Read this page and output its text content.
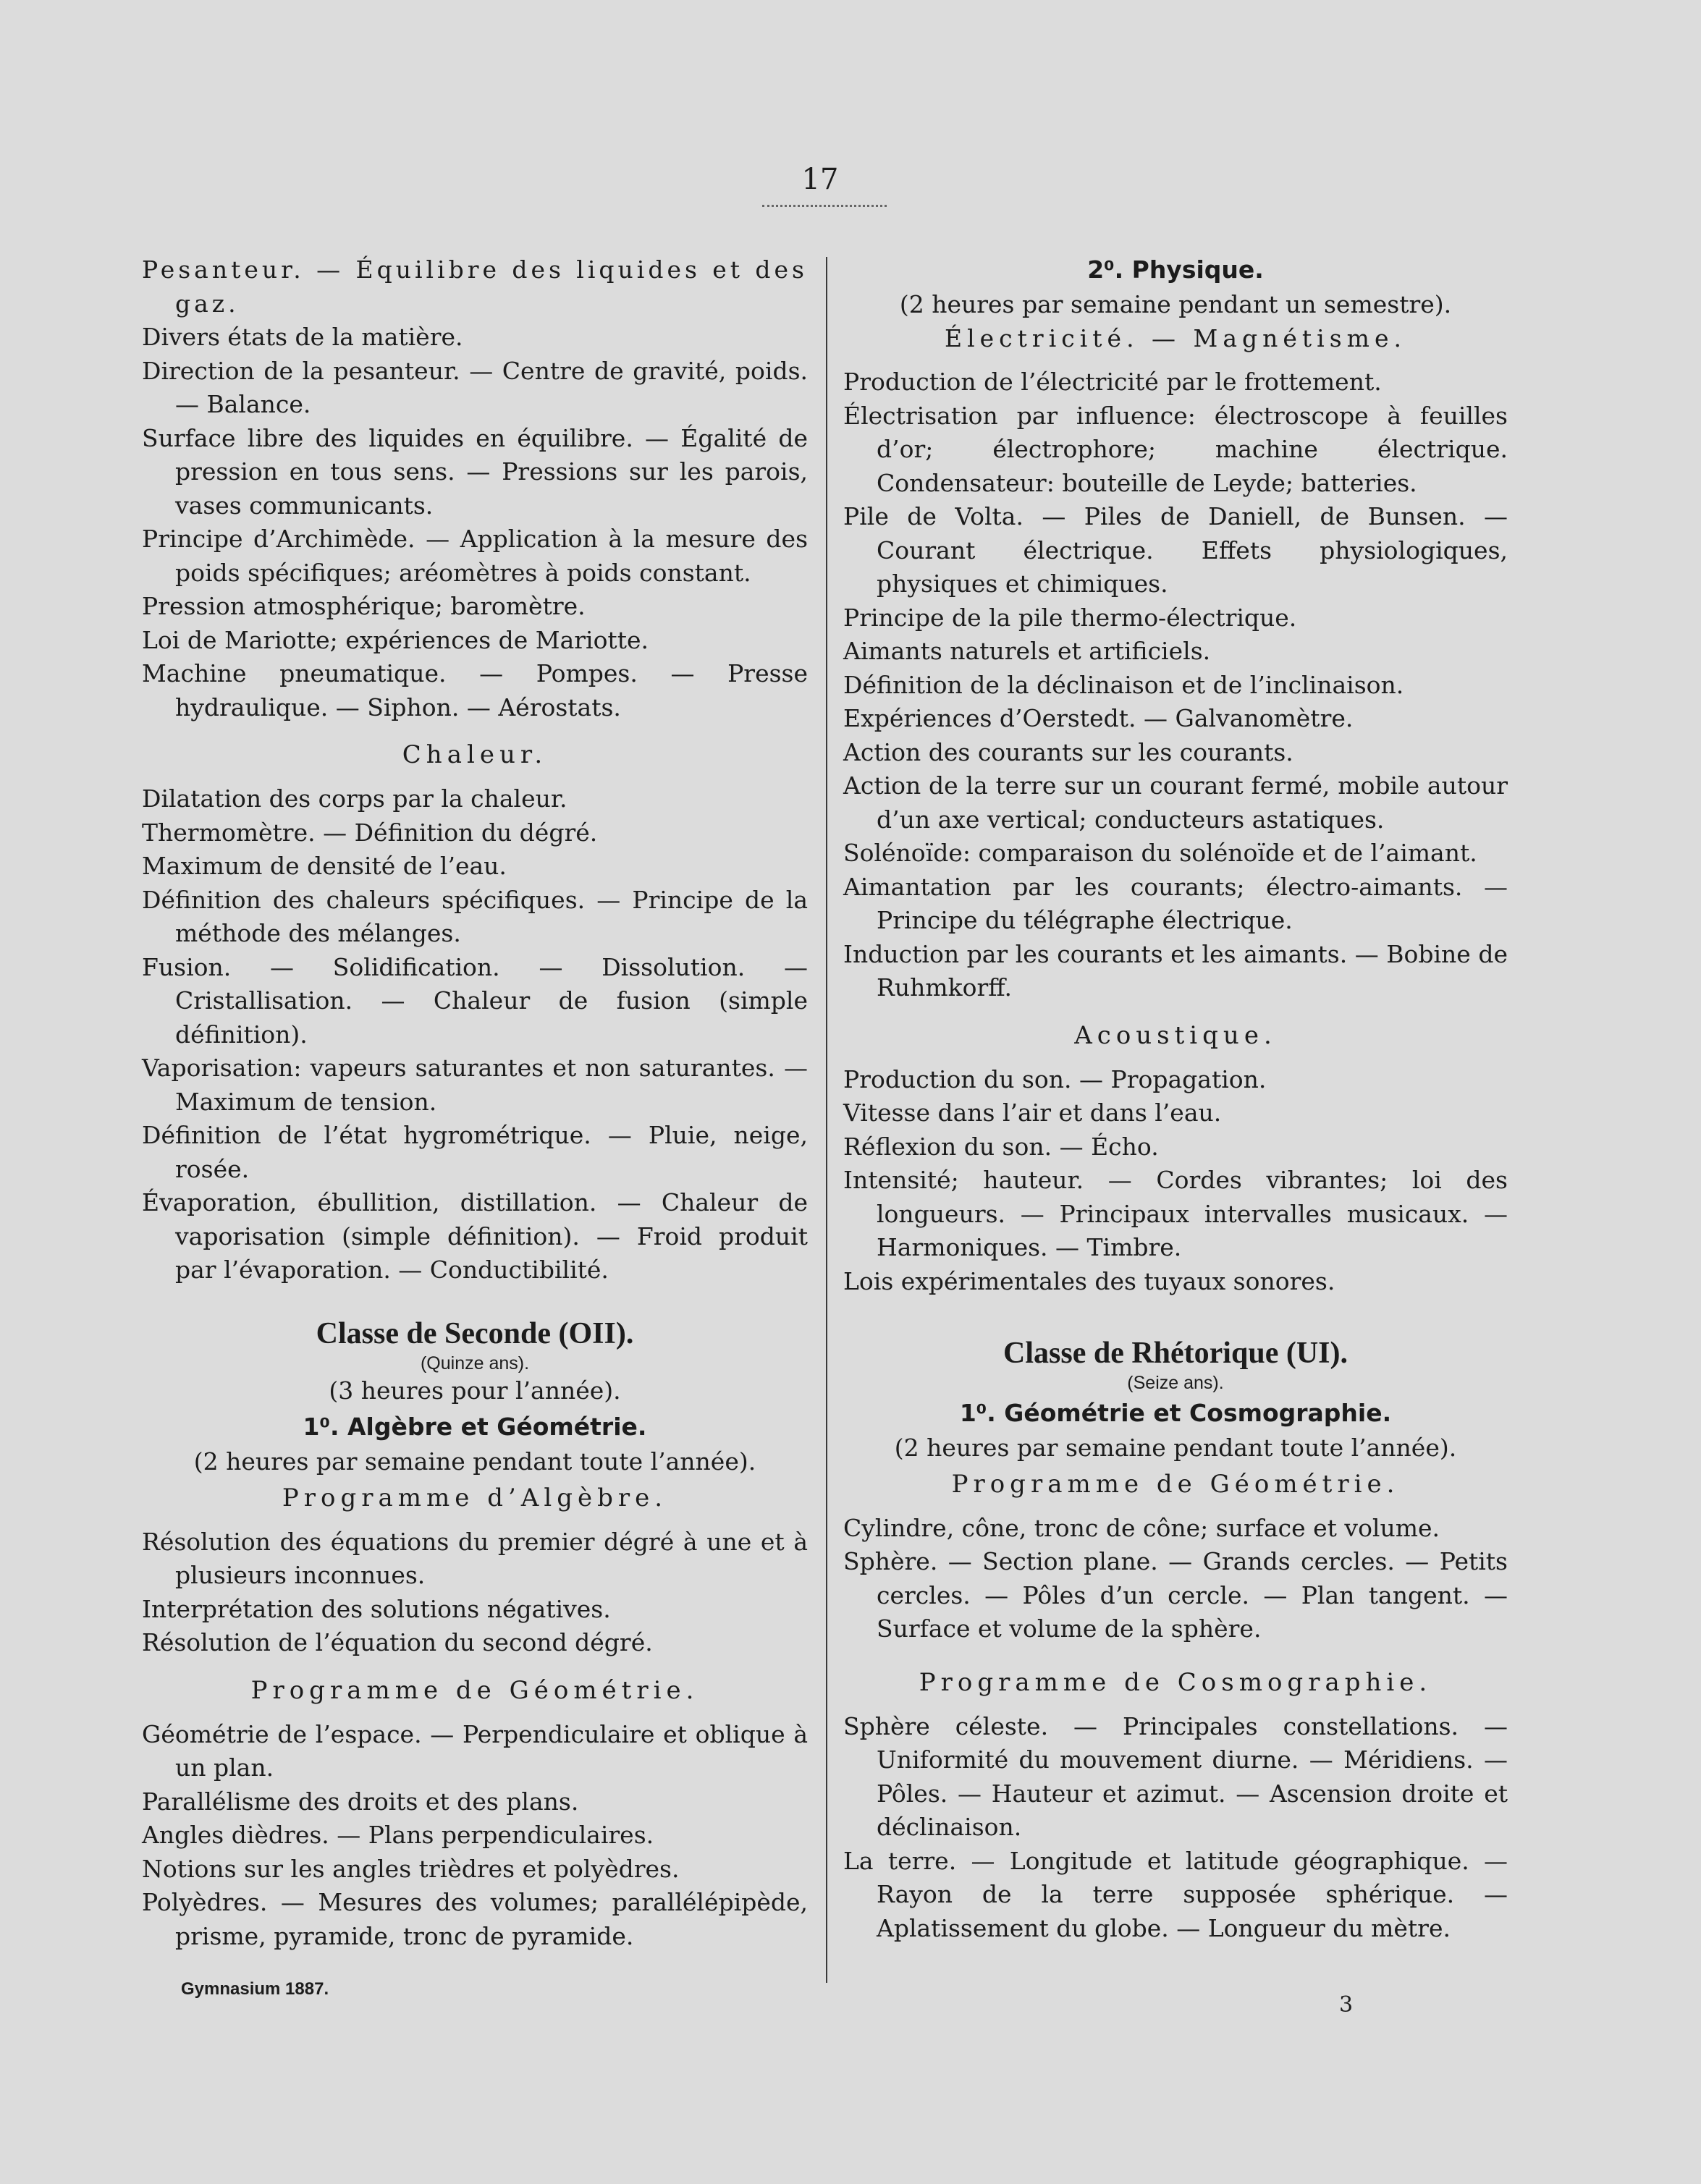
17

Pesanteur. — Équilibre des liquides et des gaz.

Divers états de la matière.

Direction de la pesanteur. — Centre de gravité, poids. — Balance.

Surface libre des liquides en équilibre. — Égalité de pression en tous sens. — Pressions sur les parois, vases communicants.

Principe d’Archimède. — Application à la mesure des poids spécifiques; aréomètres à poids constant.

Pression atmosphérique; baromètre.

Loi de Mariotte; expériences de Mariotte.

Machine pneumatique. — Pompes. — Presse hydraulique. — Siphon. — Aérostats.

Chaleur.

Dilatation des corps par la chaleur.

Thermomètre. — Définition du dégré.

Maximum de densité de l’eau.

Définition des chaleurs spécifiques. — Principe de la méthode des mélanges.

Fusion. — Solidification. — Dissolution. — Cristallisation. — Chaleur de fusion (simple définition).

Vaporisation: vapeurs saturantes et non saturantes. — Maximum de tension.

Définition de l’état hygrométrique. — Pluie, neige, rosée.

Évaporation, ébullition, distillation. — Chaleur de vaporisation (simple définition). — Froid produit par l’évaporation. — Conductibilité.

Classe de Seconde (OII).

(Quinze ans).

(3 heures pour l’année).

1⁰. Algèbre et Géométrie.

(2 heures par semaine pendant toute l’année).

Programme d’Algèbre.

Résolution des équations du premier dégré à une et à plusieurs inconnues.

Interprétation des solutions négatives.

Résolution de l’équation du second dégré.

Programme de Géométrie.

Géométrie de l’espace. — Perpendiculaire et oblique à un plan.

Parallélisme des droits et des plans.

Angles dièdres. — Plans perpendiculaires.

Notions sur les angles trièdres et polyèdres.

Polyèdres. — Mesures des volumes; parallélépipède, prisme, pyramide, tronc de pyramide.

2⁰. Physique.

(2 heures par semaine pendant un semestre).

Électricité. — Magnétisme.

Production de l’électricité par le frottement.

Électrisation par influence: électroscope à feuilles d’or; électrophore; machine électrique. Condensateur: bouteille de Leyde; batteries.

Pile de Volta. — Piles de Daniell, de Bunsen. — Courant électrique. Effets physiologiques, physiques et chimiques.

Principe de la pile thermo-électrique.

Aimants naturels et artificiels.

Définition de la déclinaison et de l’inclinaison.

Expériences d’Oerstedt. — Galvanomètre.

Action des courants sur les courants.

Action de la terre sur un courant fermé, mobile autour d’un axe vertical; conducteurs astatiques.

Solénoïde: comparaison du solénoïde et de l’aimant.

Aimantation par les courants; électro-aimants. — Principe du télégraphe électrique.

Induction par les courants et les aimants. — Bobine de Ruhmkorff.

Acoustique.

Production du son. — Propagation.

Vitesse dans l’air et dans l’eau.

Réflexion du son. — Écho.

Intensité; hauteur. — Cordes vibrantes; loi des longueurs. — Principaux intervalles musicaux. — Harmoniques. — Timbre.

Lois expérimentales des tuyaux sonores.

Classe de Rhétorique (UI).

(Seize ans).

1⁰. Géométrie et Cosmographie.

(2 heures par semaine pendant toute l’année).

Programme de Géométrie.

Cylindre, cône, tronc de cône; surface et volume.

Sphère. — Section plane. — Grands cercles. — Petits cercles. — Pôles d’un cercle. — Plan tangent. — Surface et volume de la sphère.

Programme de Cosmographie.

Sphère céleste. — Principales constellations. — Uniformité du mouvement diurne. — Méridiens. — Pôles. — Hauteur et azimut. — Ascension droite et déclinaison.

La terre. — Longitude et latitude géographique. — Rayon de la terre supposée sphérique. — Aplatissement du globe. — Longueur du mètre.

Gymnasium 1887.
3
